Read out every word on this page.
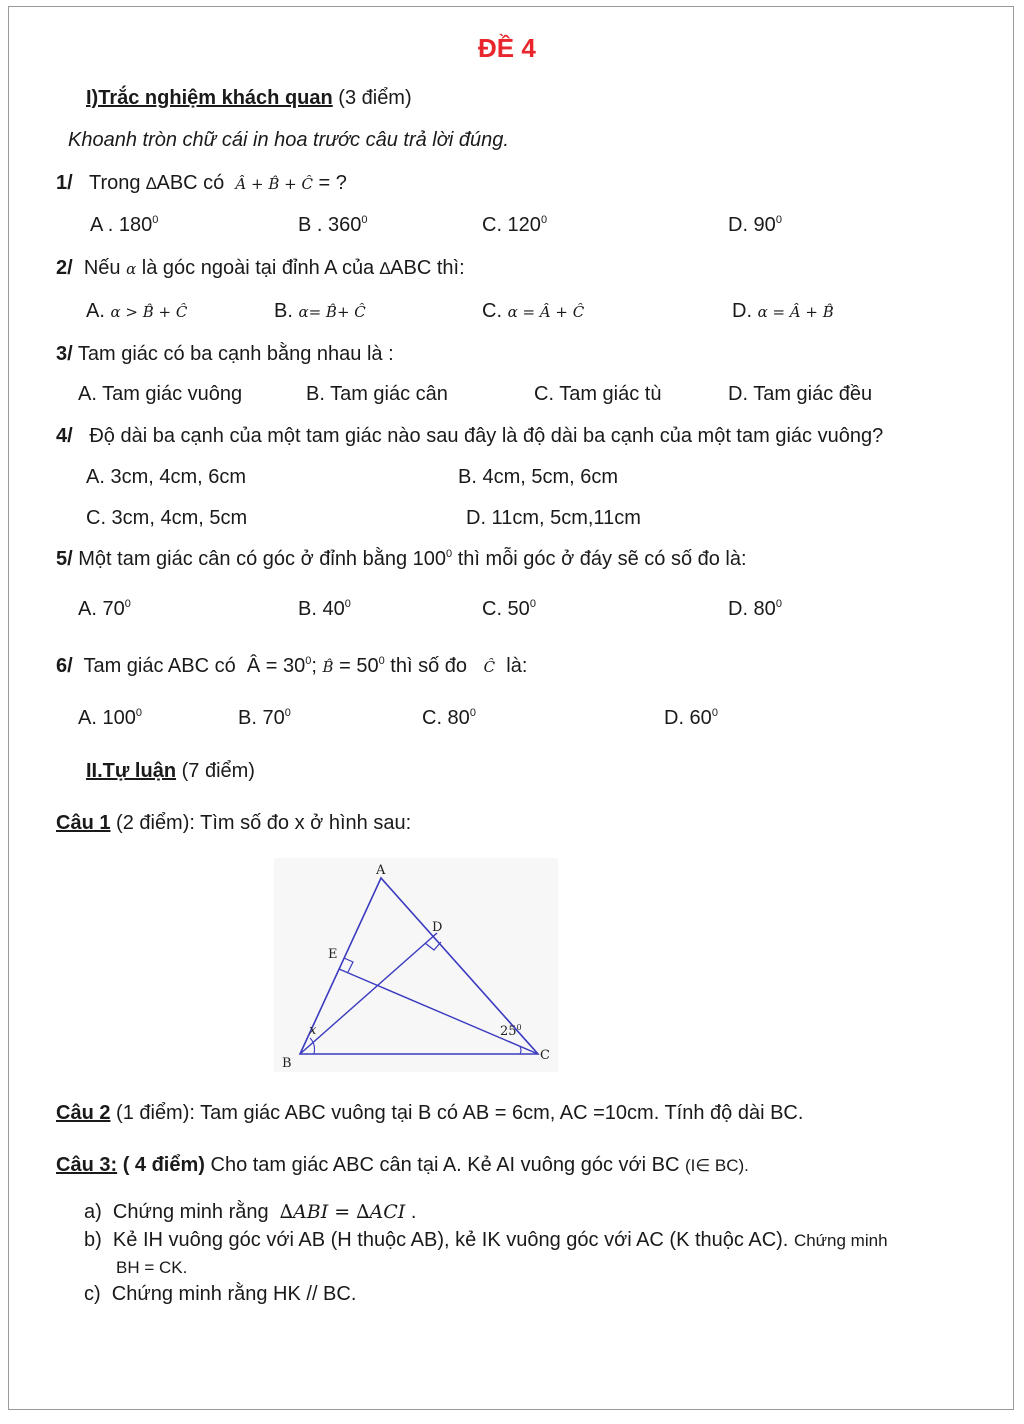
ĐỀ 4
I)Trắc nghiệm khách quan (3 điểm)
Khoanh tròn chữ cái in hoa trước câu trả lời đúng.
1/ Trong ∆ABC có Â + B̂ + Ĉ = ?
A . $180^0$	B . $360^0$	C. $120^0$	D. $90^0$
2/ Nếu α là góc ngoài tại đỉnh A của ∆ABC thì:
A. α > B̂ + Ĉ	B. α= B̂+ Ĉ	C. α = Â + Ĉ	D. α = Â + B̂
3/ Tam giác có ba cạnh bằng nhau là :
A. Tam giác vuông	B. Tam giác cân	C. Tam giác tù	D. Tam giác đều
4/ Độ dài ba cạnh của một tam giác nào sau đây là độ dài ba cạnh của một tam giác vuông?
A. 3cm, 4cm, 6cm	B. 4cm, 5cm, 6cm
C. 3cm, 4cm, 5cm	D. 11cm, 5cm,11cm
5/ Một tam giác cân có góc ở đỉnh bằng $100^0$ thì mỗi góc ở đáy sẽ có số đo là:
A. $70^0$	B. $40^0$	C. $50^0$	D. $80^0$
6/ Tam giác ABC có Â = $30^0$; B̂ = $50^0$ thì số đo Ĉ là:
A. $100^0$	B. $70^0$	C. $80^0$	D. $60^0$
II.Tự luận (7 điểm)
Câu 1 (2 điểm): Tìm số đo x ở hình sau:
A
D
E
x	$25^0$
B
C
Câu 2 (1 điểm): Tam giác ABC vuông tại B có AB = 6cm, AC =10cm. Tính độ dài BC.
Câu 3: ( 4 điểm) Cho tam giác ABC cân tại A. Kẻ AI vuông góc với BC (I∈ BC).
a) Chứng minh rằng ∆ABI = ∆ACI .
b) Kẻ IH vuông góc với AB (H thuộc AB), kẻ IK vuông góc với AC (K thuộc AC). Chứng minh
BH = CK.
c) Chứng minh rằng HK // BC.
